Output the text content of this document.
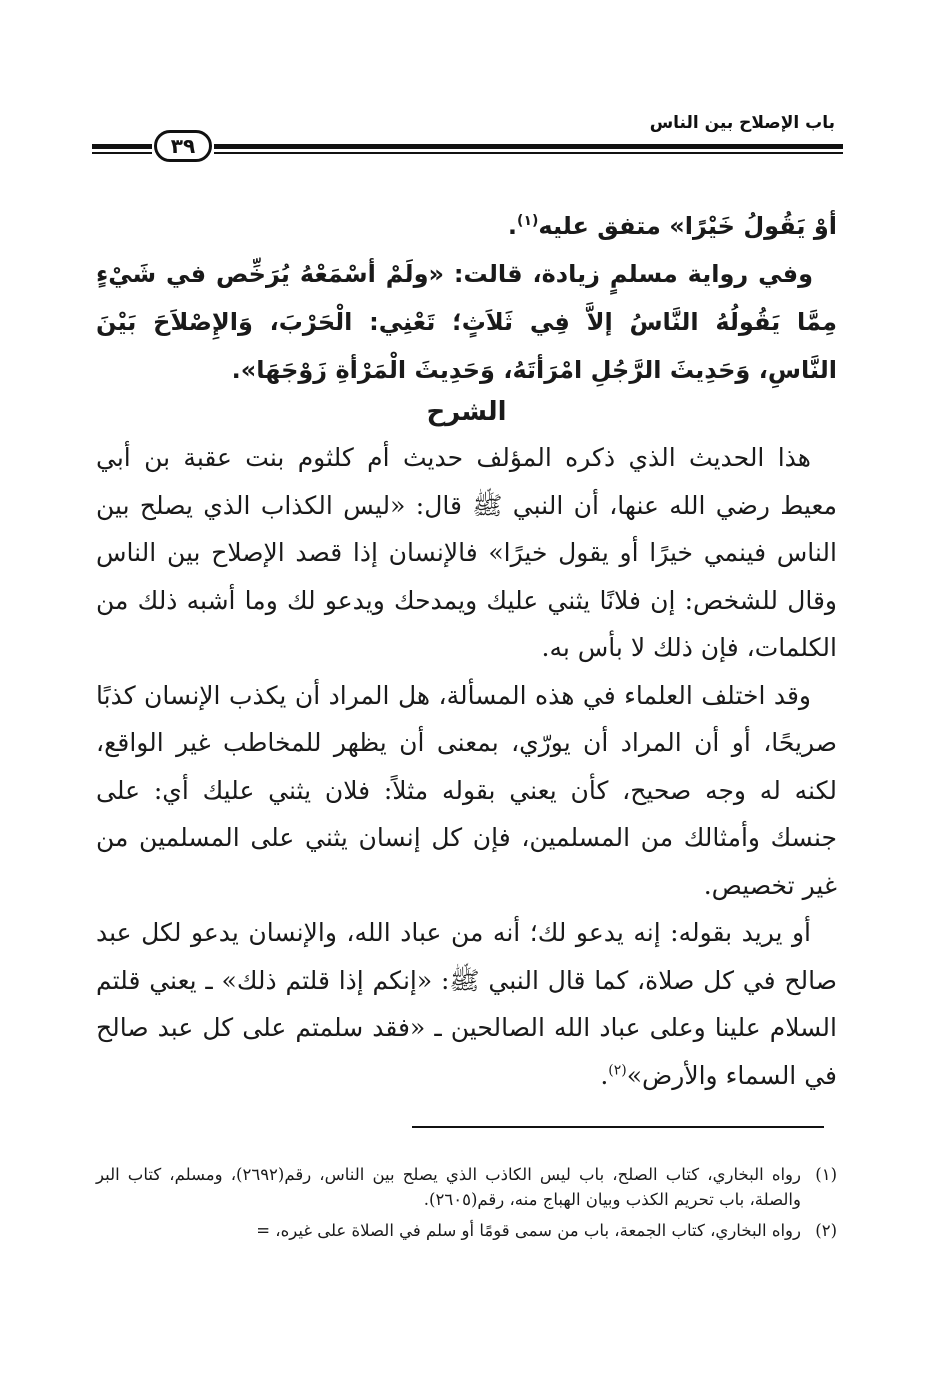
باب الإصلاح بين الناس
٣٩

أوْ يَقُولُ خَيْرًا» متفق عليه$^{(١)}$.

وفي رواية مسلمٍ زيادة، قالت: «ولَمْ أسْمَعْهُ يُرَخِّص في شَيْءٍ مِمَّا يَقُولُهُ النَّاسُ إلاَّ فِي ثَلاَثٍ؛ تَعْنِي: الْحَرْبَ، وَالإِصْلاَحَ بَيْنَ النَّاسِ، وَحَدِيثَ الرَّجُلِ امْرَأتَهُ، وَحَدِيثَ الْمَرْأةِ زَوْجَهَا».

الشرح

هذا الحديث الذي ذكره المؤلف حديث أم كلثوم بنت عقبة بن أبي معيط رضي الله عنها، أن النبي ﷺ قال: «ليس الكذاب الذي يصلح بين الناس فينمي خيرًا أو يقول خيرًا» فالإنسان إذا قصد الإصلاح بين الناس وقال للشخص: إن فلانًا يثني عليك ويمدحك ويدعو لك وما أشبه ذلك من الكلمات، فإن ذلك لا بأس به.

وقد اختلف العلماء في هذه المسألة، هل المراد أن يكذب الإنسان كذبًا صريحًا، أو أن المراد أن يورّي، بمعنى أن يظهر للمخاطب غير الواقع، لكنه له وجه صحيح، كأن يعني بقوله مثلاً: فلان يثني عليك أي: على جنسك وأمثالك من المسلمين، فإن كل إنسان يثني على المسلمين من غير تخصيص.

أو يريد بقوله: إنه يدعو لك؛ أنه من عباد الله، والإنسان يدعو لكل عبد صالح في كل صلاة، كما قال النبي ﷺ: «إنكم إذا قلتم ذلك» ـ يعني قلتم السلام علينا وعلى عباد الله الصالحين ـ «فقد سلمتم على كل عبد صالح في السماء والأرض»$^{(٢)}$.

(١)
رواه البخاري، كتاب الصلح، باب ليس الكاذب الذي يصلح بين الناس، رقم(٢٦٩٢)، ومسلم، كتاب البر والصلة، باب تحريم الكذب وبيان الهباج منه، رقم(٢٦٠٥).

(٢)
رواه البخاري، كتاب الجمعة، باب من سمى قومًا أو سلم في الصلاة على غيره، =
